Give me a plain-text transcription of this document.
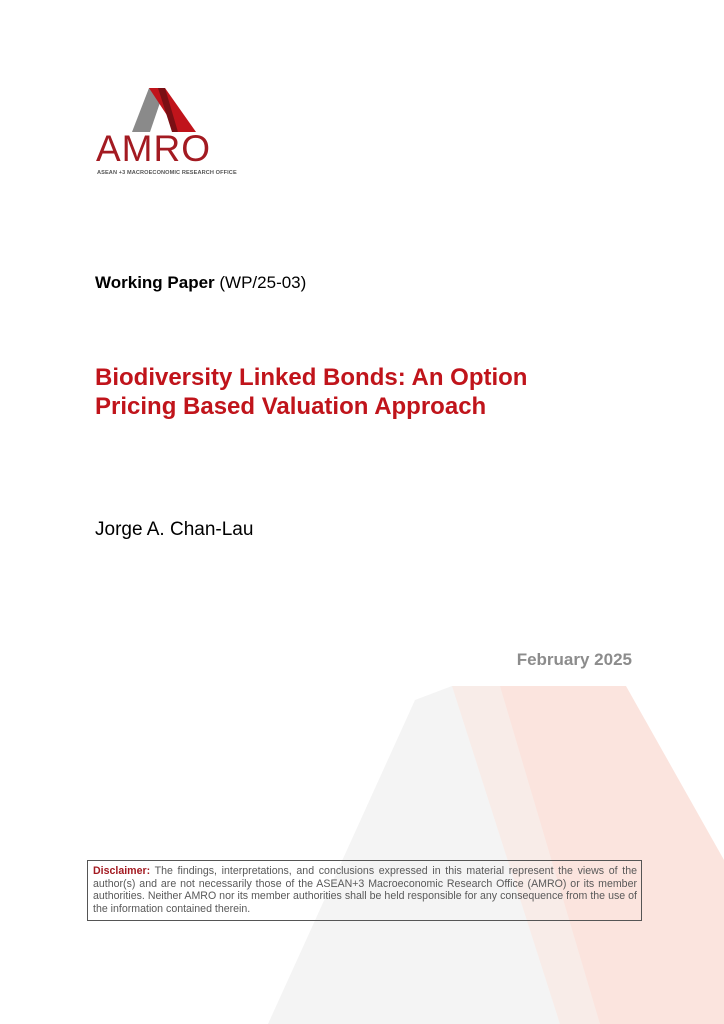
AMRO
ASEAN +3 MACROECONOMIC RESEARCH OFFICE
Working Paper (WP/25-03)
Biodiversity Linked Bonds: An Option
Pricing Based Valuation Approach
Jorge A. Chan-Lau
February 2025
Disclaimer: The findings, interpretations, and conclusions expressed in this material represent the views of the author(s) and are not necessarily those of the ASEAN+3 Macroeconomic Research Office (AMRO) or its member authorities. Neither AMRO nor its member authorities shall be held responsible for any consequence from the use of the information contained therein.
